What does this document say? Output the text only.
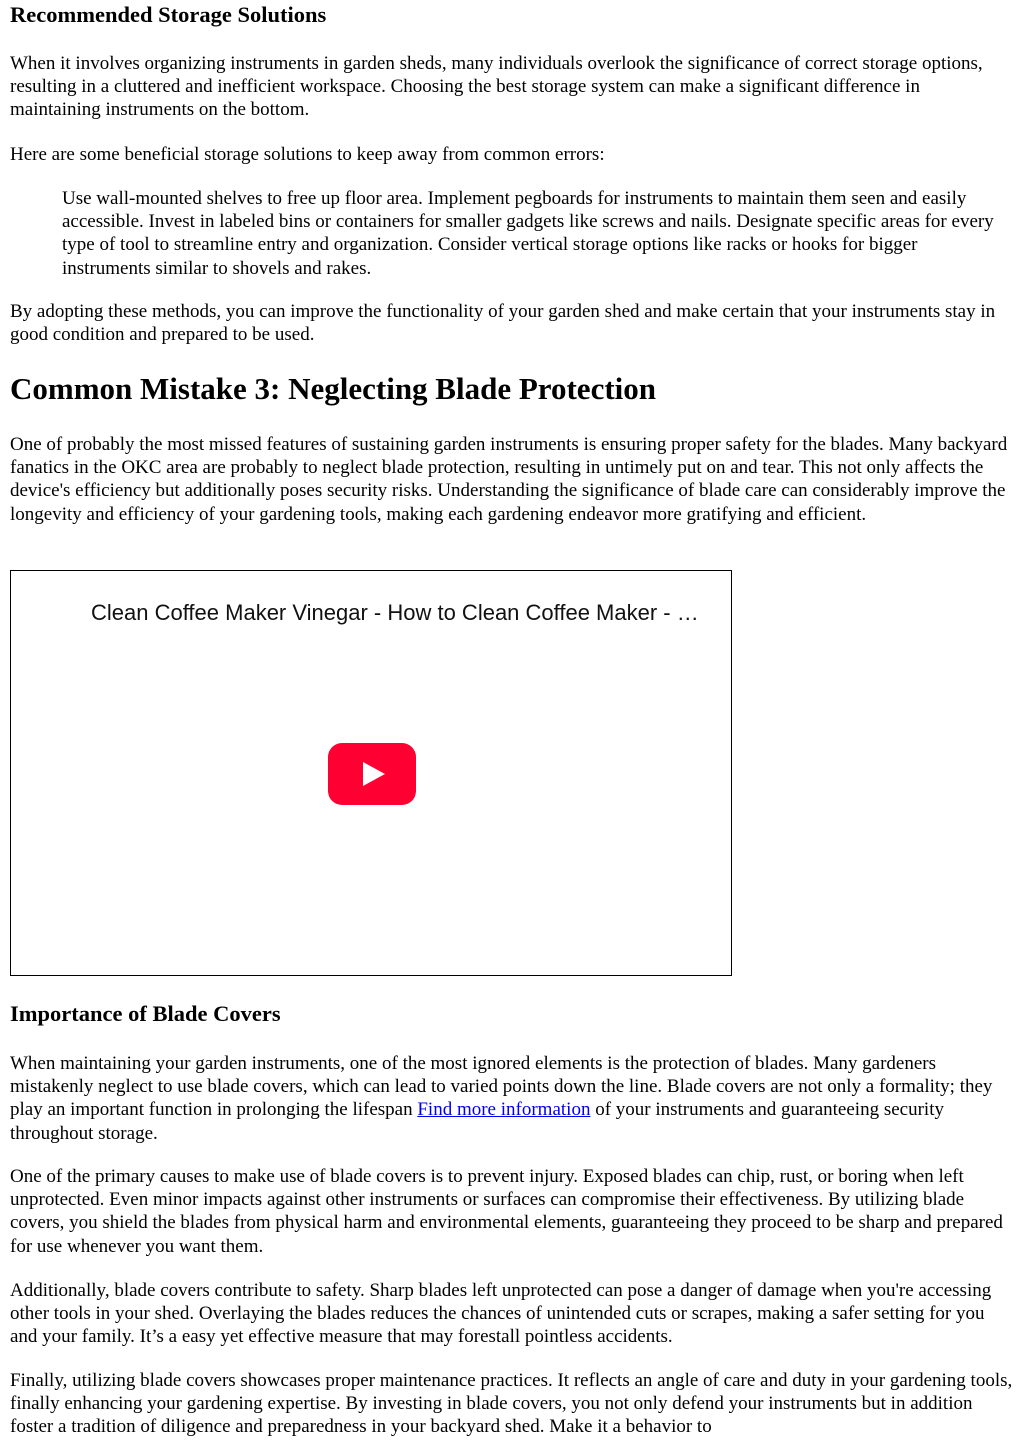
Recommended Storage Solutions

When it involves organizing instruments in garden sheds, many individuals overlook the significance of correct storage options, resulting in a cluttered and inefficient workspace. Choosing the best storage system can make a significant difference in maintaining instruments on the bottom.

Here are some beneficial storage solutions to keep away from common errors:

Use wall-mounted shelves to free up floor area. Implement pegboards for instruments to maintain them seen and easily accessible. Invest in labeled bins or containers for smaller gadgets like screws and nails. Designate specific areas for every type of tool to streamline entry and organization. Consider vertical storage options like racks or hooks for bigger instruments similar to shovels and rakes.

By adopting these methods, you can improve the functionality of your garden shed and make certain that your instruments stay in good condition and prepared to be used.

Common Mistake 3: Neglecting Blade Protection

One of probably the most missed features of sustaining garden instruments is ensuring proper safety for the blades. Many backyard fanatics in the OKC area are probably to neglect blade protection, resulting in untimely put on and tear. This not only affects the device's efficiency but additionally poses security risks. Understanding the significance of blade care can considerably improve the longevity and efficiency of your gardening tools, making each gardening endeavor more gratifying and efficient.

Clean Coffee Maker Vinegar - How to Clean Coffee Maker - …
Importance of Blade Covers

When maintaining your garden instruments, one of the most ignored elements is the protection of blades. Many gardeners mistakenly neglect to use blade covers, which can lead to varied points down the line. Blade covers are not only a formality; they play an important function in prolonging the lifespan Find more information of your instruments and guaranteeing security throughout storage.

One of the primary causes to make use of blade covers is to prevent injury. Exposed blades can chip, rust, or boring when left unprotected. Even minor impacts against other instruments or surfaces can compromise their effectiveness. By utilizing blade covers, you shield the blades from physical harm and environmental elements, guaranteeing they proceed to be sharp and prepared for use whenever you want them.

Additionally, blade covers contribute to safety. Sharp blades left unprotected can pose a danger of damage when you're accessing other tools in your shed. Overlaying the blades reduces the chances of unintended cuts or scrapes, making a safer setting for you and your family. It’s a easy yet effective measure that may forestall pointless accidents.

Finally, utilizing blade covers showcases proper maintenance practices. It reflects an angle of care and duty in your gardening tools, finally enhancing your gardening expertise. By investing in blade covers, you not only defend your instruments but in addition foster a tradition of diligence and preparedness in your backyard shed. Make it a behavior to
